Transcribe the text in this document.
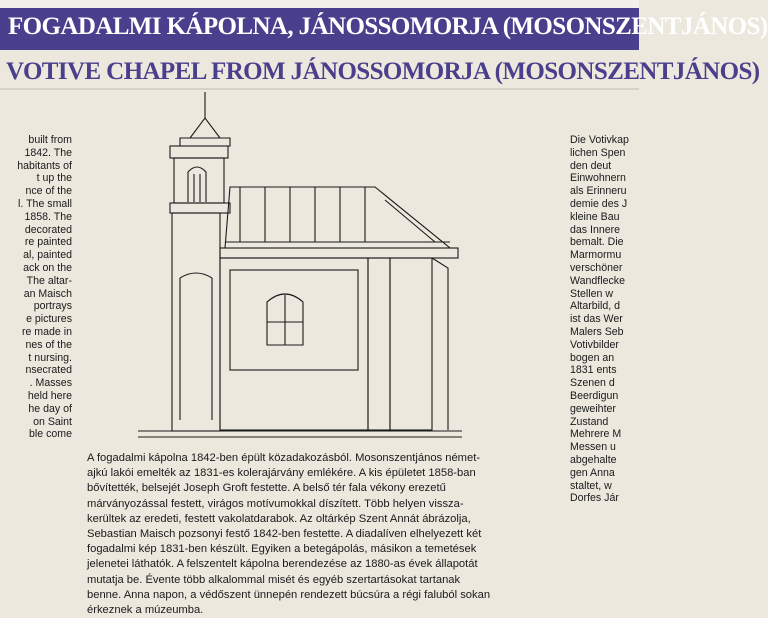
FOGADALMI KÁPOLNA, JÁNOSSOMORJA (MOSONSZENTJÁNOS)
VOTIVE CHAPEL FROM JÁNOSSOMORJA (MOSONSZENTJÁNOS)
built from
1842. The
habitants of
t up the
nce of the
l. The small
1858. The
decorated
re painted
al, painted
ack on the
The altar-
an Maisch
portrays
e pictures
re made in
nes of the
t nursing.
nsecrated
. Masses
held here
he day of
on Saint
ble come
Die Votivkap
lichen Spen
den deut
Einwohnern
als Erinneru
demie des J
kleine Bau
das Innere
bemalt. Die
Marmormu
verschöner
Wandflecke
Stellen w
Altarbild, d
ist das Wer
Malers Seb
Votivbilder
bogen an
1831 ents
Szenen d
Beerdigun
geweihter
Zustand
Mehrere M
Messen u
abgehalte
gen Anna
staltet, w
Dorfes Jár
A fogadalmi kápolna 1842-ben épült közadakozásból. Mosonszentjános német-
ajkú lakói emelték az 1831-es kolerajárvány emlékére. A kis épületet 1858-ban
bővítették, belsejét Joseph Groft festette. A belső tér fala vékony erezetű
márványozással festett, virágos motívumokkal díszített. Több helyen vissza-
kerültek az eredeti, festett vakolatdarabok. Az oltárkép Szent Annát ábrázolja,
Sebastian Maisch pozsonyi festő 1842-ben festette. A diadalíven elhelyezett két
fogadalmi kép 1831-ben készült. Egyiken a betegápolás, másikon a temetések
jelenetei láthatók. A felszentelt kápolna berendezése az 1880-as évek állapotát
mutatja be. Évente több alkalommal misét és egyéb szertartásokat tartanak
benne. Anna napon, a védőszent ünnepén rendezett búcsúra a régi faluból sokan
érkeznek a múzeumba.
